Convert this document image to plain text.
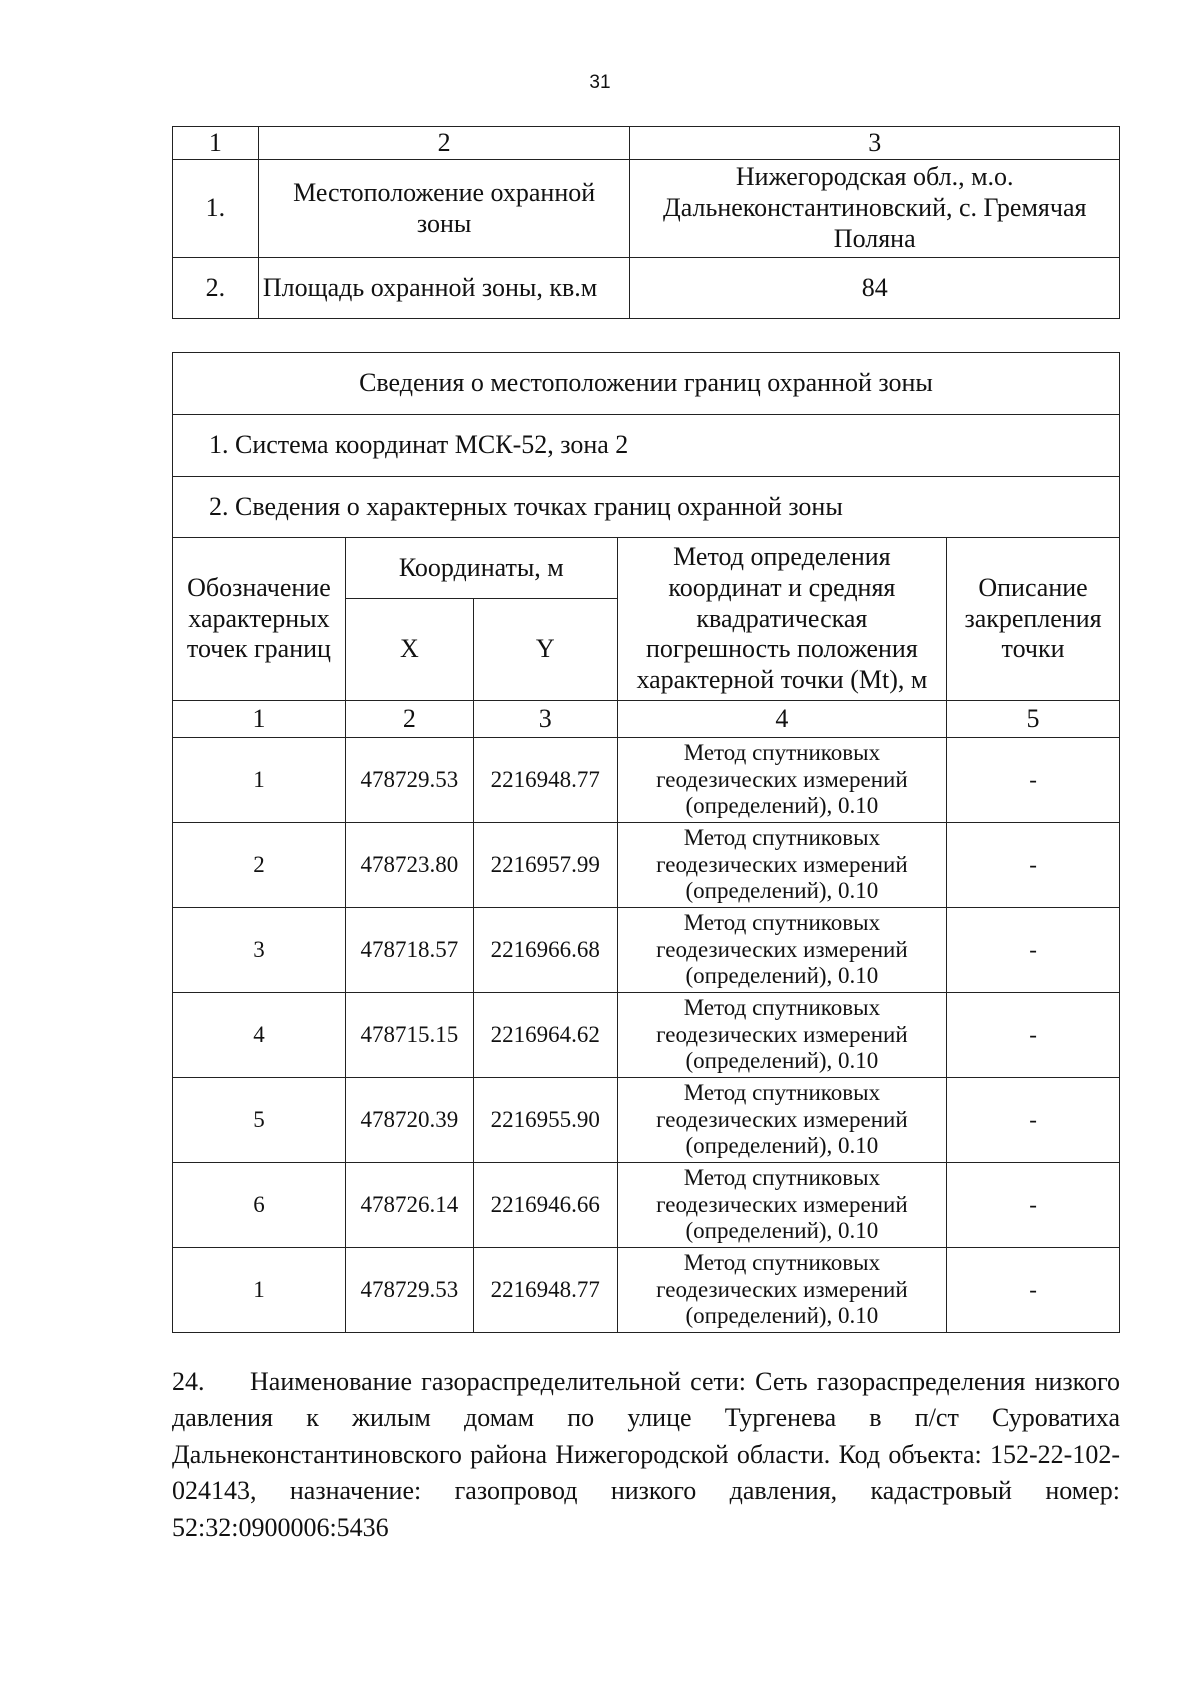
31
1	2	3
1.	Местоположение охранной зоны	Нижегородская обл., м.о. Дальнеконстантиновский, с. Гремячая Поляна
2.	Площадь охранной зоны, кв.м	84
Сведения о местоположении границ охранной зоны				
1. Система координат МСК-52, зона 2				
2. Сведения о характерных точках границ охранной зоны				
Обозначение характерных точек границ	Координаты, м		Метод определения координат и средняя квадратическая погрешность положения характерной точки (Mt), м	Описание закрепления точки
	X	Y		
1	2	3	4	5
1	478729.53	2216948.77	Метод спутниковых геодезических измерений (определений), 0.10	-
2	478723.80	2216957.99	Метод спутниковых геодезических измерений (определений), 0.10	-
3	478718.57	2216966.68	Метод спутниковых геодезических измерений (определений), 0.10	-
4	478715.15	2216964.62	Метод спутниковых геодезических измерений (определений), 0.10	-
5	478720.39	2216955.90	Метод спутниковых геодезических измерений (определений), 0.10	-
6	478726.14	2216946.66	Метод спутниковых геодезических измерений (определений), 0.10	-
1	478729.53	2216948.77	Метод спутниковых геодезических измерений (определений), 0.10	-
24. Наименование газораспределительной сети: Сеть газораспределения низкого давления к жилым домам по улице Тургенева в п/ст Суроватиха Дальнеконстантиновского района Нижегородской области. Код объекта: 152-22-102-024143, назначение: газопровод низкого давления, кадастровый номер: 52:32:0900006:5436
